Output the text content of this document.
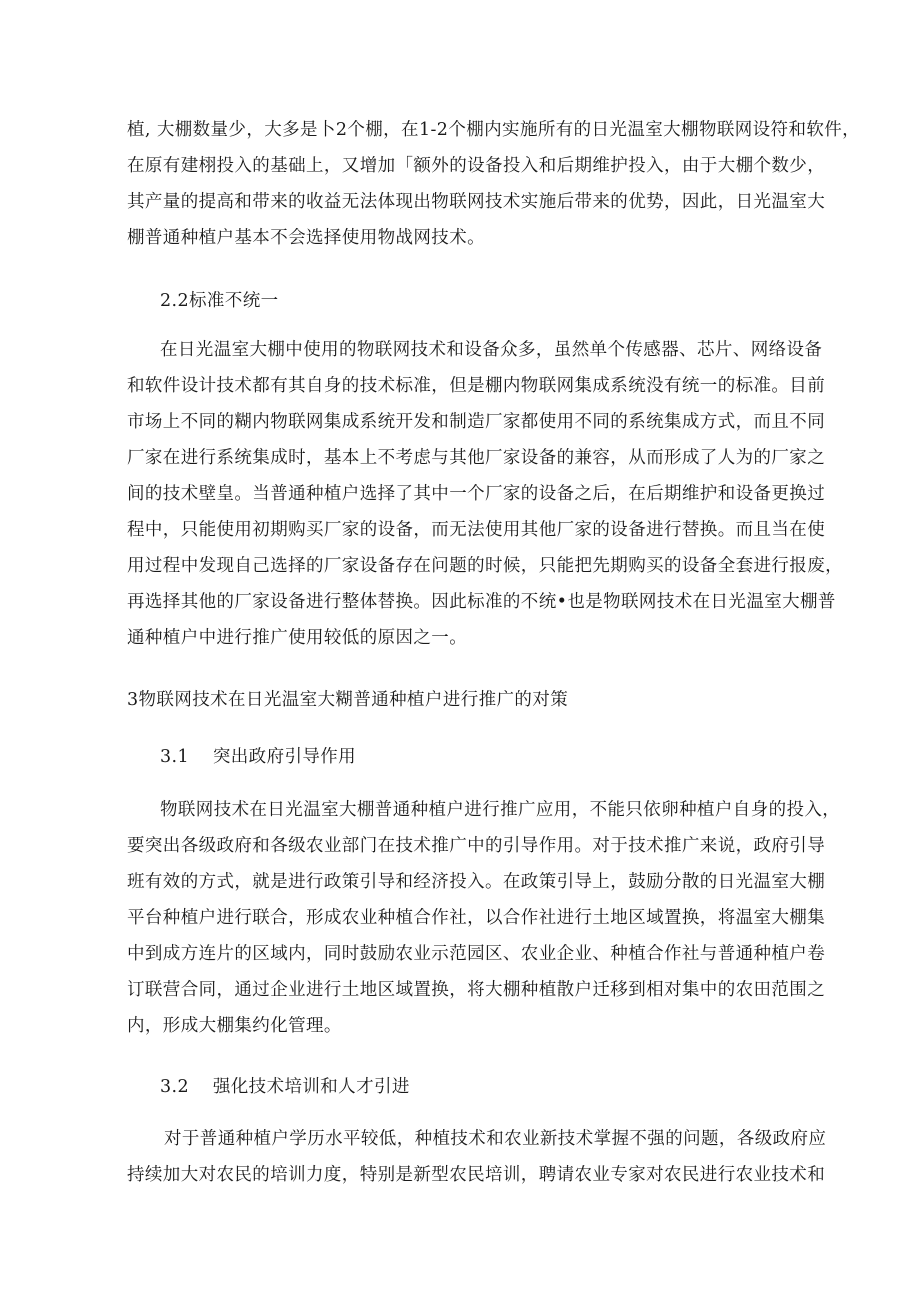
植, 大棚数量少，大多是卜2个棚，在1-2个棚内实施所有的日光温室大棚物联网设符和软件，
在原有建栩投入的基础上，又增加「额外的设备投入和后期维护投入，由于大棚个数少，
其产量的提高和带来的收益无法体现出物联网技术实施后带来的优势，因此，日光温室大
棚普通种植户基本不会选择使用物战网技术。
2.2标准不统一
在日光温室大棚中使用的物联网技术和设备众多，虽然单个传感器、芯片、网络设备
和软件设计技术都有其自身的技术标准，但是棚内物联网集成系统没有统一的标准。目前
市场上不同的糊内物联网集成系统开发和制造厂家都使用不同的系统集成方式，而且不同
厂家在进行系统集成时，基本上不考虑与其他厂家设备的兼容，从而形成了人为的厂家之
间的技术壁皇。当普通种植户选择了其中一个厂家的设备之后，在后期维护和设备更换过
程中，只能使用初期购买厂家的设备，而无法使用其他厂家的设备进行替换。而且当在使
用过程中发现自己选择的厂家设备存在问题的时候，只能把先期购买的设备全套进行报废，
再选择其他的厂家设备进行整体替换。因此标准的不统•也是物联网技术在日光温室大棚普
通种植户中进行推广使用较低的原因之一。
3物联网技术在日光温室大糊普通种植户进行推广的对策
3.1    突出政府引导作用
物联网技术在日光温室大棚普通种植户进行推广应用，不能只依卵种植户自身的投入，
要突出各级政府和各级农业部门在技术推广中的引导作用。对于技术推广来说，政府引导
班有效的方式，就是进行政策引导和经济投入。在政策引导上，鼓励分散的日光温室大棚
平台种植户进行联合，形成农业种植合作社，以合作社进行土地区域置换，将温室大棚集
中到成方连片的区域内，同时鼓励农业示范园区、农业企业、种植合作社与普通种植户卷
订联营合同，通过企业进行土地区域置换，将大棚种植散户迁移到相对集中的农田范围之
内，形成大棚集约化管理。
3.2    强化技术培训和人才引进
对于普通种植户学历水平较低，种植技术和农业新技术掌握不强的问题，各级政府应
持续加大对农民的培训力度，特别是新型农民培训，聘请农业专家对农民进行农业技术和
